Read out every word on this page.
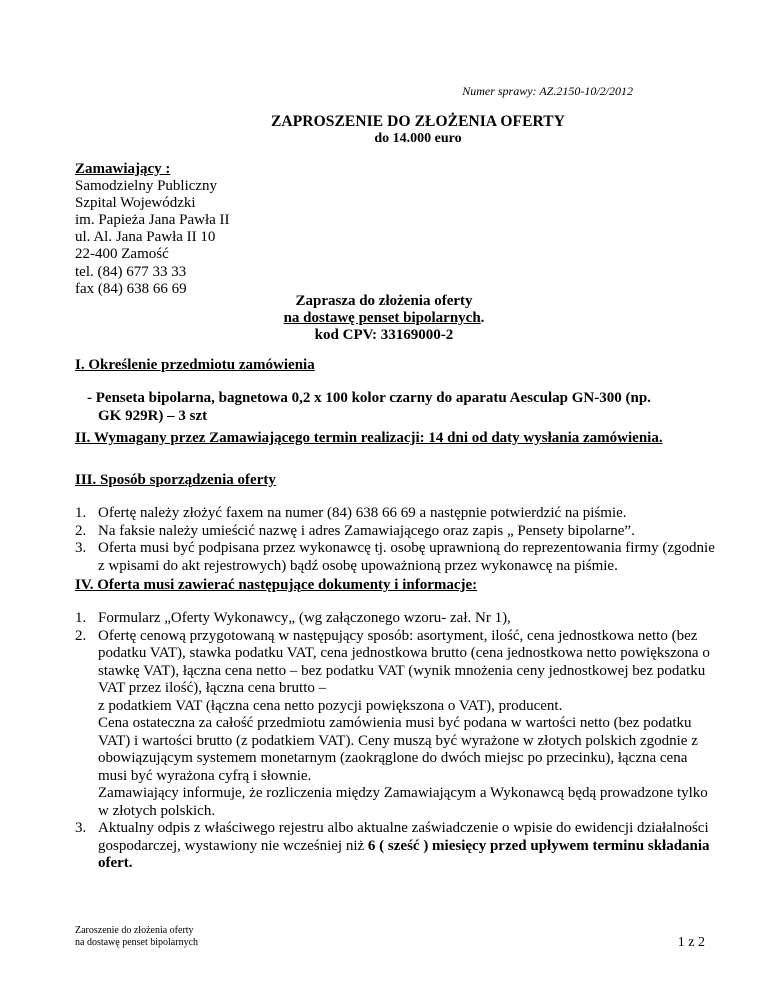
Numer sprawy: AZ.2150-10/2/2012
ZAPROSZENIE DO ZŁOŻENIA OFERTY
do 14.000 euro
Zamawiający :
Samodzielny Publiczny
Szpital Wojewódzki
im. Papieża Jana Pawła II
ul. Al. Jana Pawła II 10
22-400 Zamość
tel. (84) 677 33 33
fax (84) 638 66 69
Zaprasza do złożenia oferty
na dostawę penset bipolarnych.
kod CPV: 33169000-2
I. Określenie przedmiotu zamówienia
- Penseta bipolarna, bagnetowa 0,2 x 100 kolor czarny do aparatu Aesculap GN-300 (np.
GK 929R) – 3 szt
II. Wymagany przez Zamawiającego termin realizacji: 14 dni od daty wysłania zamówienia.
III. Sposób sporządzenia oferty
1. Ofertę należy złożyć faxem na numer (84) 638 66 69 a następnie potwierdzić na piśmie.
2. Na faksie należy umieścić nazwę i adres Zamawiającego oraz zapis „ Pensety bipolarne”.
3. Oferta musi być podpisana przez wykonawcę tj. osobę uprawnioną do reprezentowania firmy (zgodnie z wpisami do akt rejestrowych) bądź osobę upoważnioną przez wykonawcę na piśmie.
IV. Oferta musi zawierać następujące dokumenty i informacje:
1. Formularz „Oferty Wykonawcy„ (wg załączonego wzoru- zał. Nr 1),
2. Ofertę cenową przygotowaną w następujący sposób: asortyment, ilość, cena jednostkowa netto (bez podatku VAT), stawka podatku VAT, cena jednostkowa brutto (cena jednostkowa netto powiększona o stawkę VAT), łączna cena netto – bez podatku VAT (wynik mnożenia ceny jednostkowej bez podatku VAT przez ilość), łączna cena brutto –
z podatkiem VAT (łączna cena netto pozycji powiększona o VAT), producent.
Cena ostateczna za całość przedmiotu zamówienia musi być podana w wartości netto (bez podatku VAT) i wartości brutto (z podatkiem VAT). Ceny muszą być wyrażone w złotych polskich zgodnie z obowiązującym systemem monetarnym (zaokrąglone do dwóch miejsc po przecinku), łączna cena musi być wyrażona cyfrą i słownie.
Zamawiający informuje, że rozliczenia między Zamawiającym a Wykonawcą będą prowadzone tylko w złotych polskich.
3. Aktualny odpis z właściwego rejestru albo aktualne zaświadczenie o wpisie do ewidencji działalności gospodarczej, wystawiony nie wcześniej niż 6 ( sześć ) miesięcy przed upływem terminu składania ofert.
Zaroszenie do złożenia oferty
na dostawę penset bipolarnych	1 z 2
